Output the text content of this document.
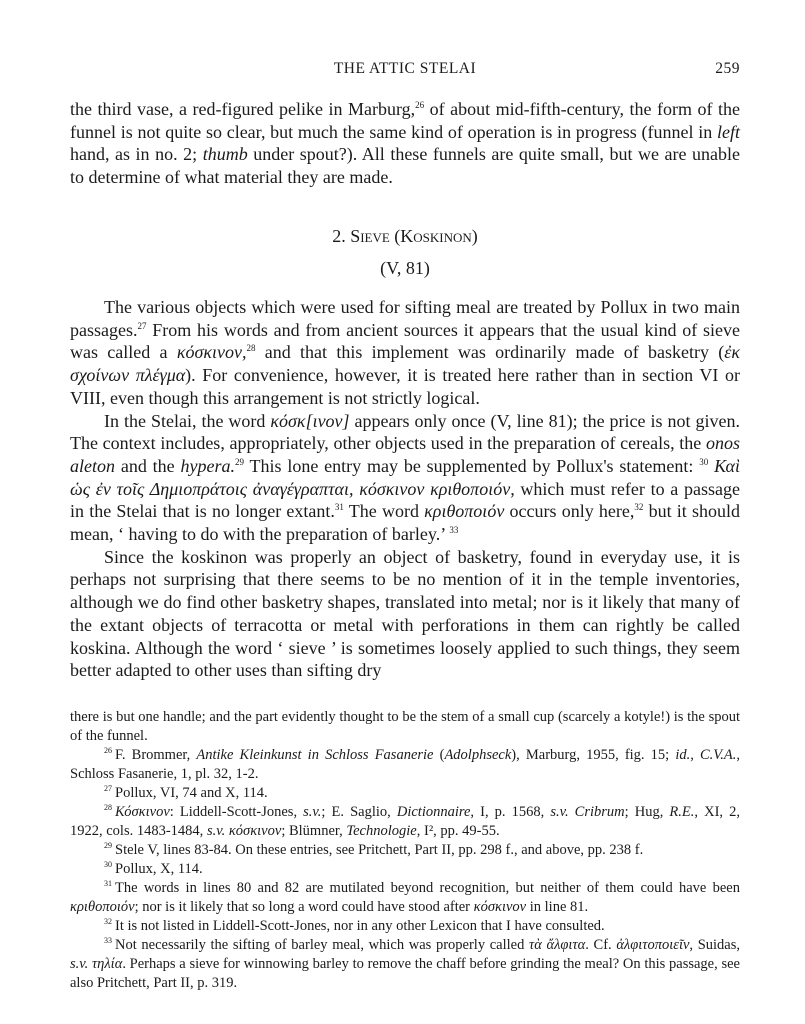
THE ATTIC STELAI	259

the third vase, a red-figured pelike in Marburg,$^{26}$ of about mid-fifth-century, the form of the funnel is not quite so clear, but much the same kind of operation is in progress (funnel in left hand, as in no. 2; thumb under spout?). All these funnels are quite small, but we are unable to determine of what material they are made.

2. Sieve (Koskinon)
(V, 81)

The various objects which were used for sifting meal are treated by Pollux in two main passages.$^{27}$ From his words and from ancient sources it appears that the usual kind of sieve was called a κόσκινον,$^{28}$ and that this implement was ordinarily made of basketry (ἐκ σχοίνων πλέγμα). For convenience, however, it is treated here rather than in section VI or VIII, even though this arrangement is not strictly logical.

In the Stelai, the word κόσκ[ινον] appears only once (V, line 81); the price is not given. The context includes, appropriately, other objects used in the preparation of cereals, the onos aleton and the hypera.$^{29}$ This lone entry may be supplemented by Pollux's statement: $^{30}$ Καὶ ὡς ἐν τοῖς Δημιοπράτοις ἀναγέγραπται, κόσκινον κριθοποιόν, which must refer to a passage in the Stelai that is no longer extant.$^{31}$ The word κριθοποιόν occurs only here,$^{32}$ but it should mean, ‘ having to do with the preparation of barley.’ $^{33}$

Since the koskinon was properly an object of basketry, found in everyday use, it is perhaps not surprising that there seems to be no mention of it in the temple inventories, although we do find other basketry shapes, translated into metal; nor is it likely that many of the extant objects of terracotta or metal with perforations in them can rightly be called koskina. Although the word ‘ sieve ’ is sometimes loosely applied to such things, they seem better adapted to other uses than sifting dry

there is but one handle; and the part evidently thought to be the stem of a small cup (scarcely a kotyle!) is the spout of the funnel.

$^{26}$ F. Brommer, Antike Kleinkunst in Schloss Fasanerie (Adolphseck), Marburg, 1955, fig. 15; id., C.V.A., Schloss Fasanerie, 1, pl. 32, 1-2.

$^{27}$ Pollux, VI, 74 and X, 114.

$^{28}$ Κόσκινον: Liddell-Scott-Jones, s.v.; E. Saglio, Dictionnaire, I, p. 1568, s.v. Cribrum; Hug, R.E., XI, 2, 1922, cols. 1483-1484, s.v. κόσκινον; Blümner, Technologie, I², pp. 49-55.

$^{29}$ Stele V, lines 83-84. On these entries, see Pritchett, Part II, pp. 298 f., and above, pp. 238 f.

$^{30}$ Pollux, X, 114.

$^{31}$ The words in lines 80 and 82 are mutilated beyond recognition, but neither of them could have been κριθοποιόν; nor is it likely that so long a word could have stood after κόσκινον in line 81.

$^{32}$ It is not listed in Liddell-Scott-Jones, nor in any other Lexicon that I have consulted.

$^{33}$ Not necessarily the sifting of barley meal, which was properly called τὰ ἄλφιτα. Cf. ἀλφιτοποιεῖν, Suidas, s.v. τηλία. Perhaps a sieve for winnowing barley to remove the chaff before grinding the meal? On this passage, see also Pritchett, Part II, p. 319.
